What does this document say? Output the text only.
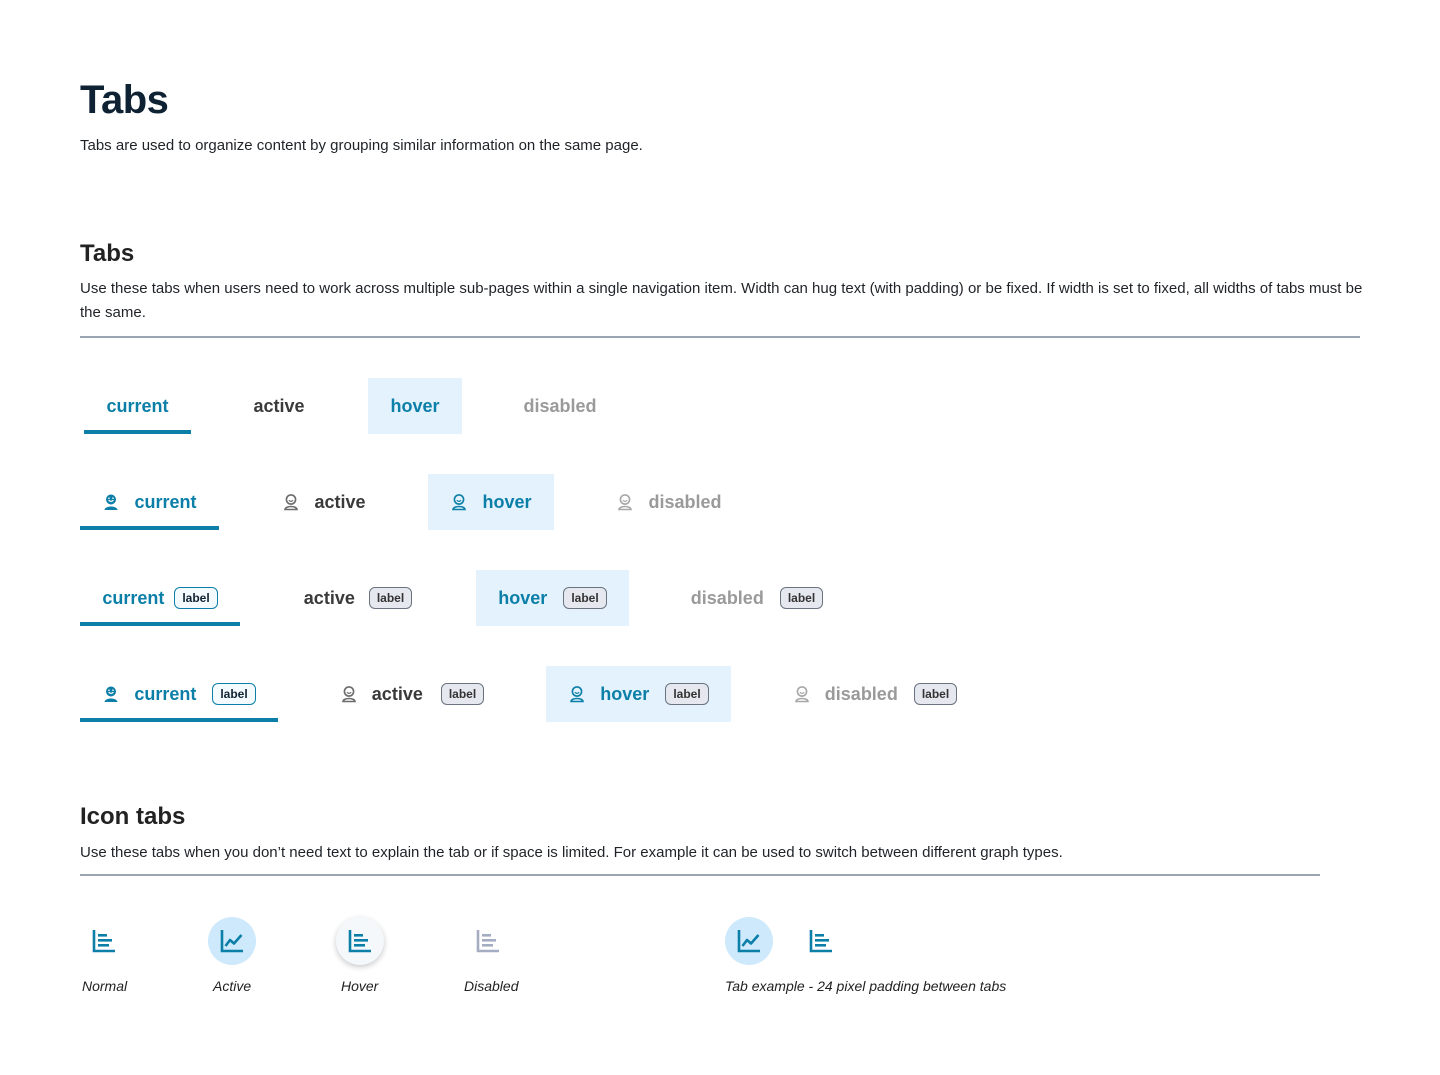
Tabs
Tabs are used to organize content by grouping similar information on the same page.
Tabs
Use these tabs when users need to work across multiple sub-pages within a single navigation item. Width can hug text (with padding) or be fixed. If width is set to fixed, all widths of tabs must be the same.
current	active	hover	disabled
current	active	hover	disabled
current	label	active	label	hover	label	disabled	label
current	label	active	label	hover	label	disabled	label
Icon tabs
Use these tabs when you don’t need text to explain the tab or if space is limited. For example it can be used to switch between different graph types.
Normal	Active	Hover	Disabled	Tab example - 24 pixel padding between tabs
